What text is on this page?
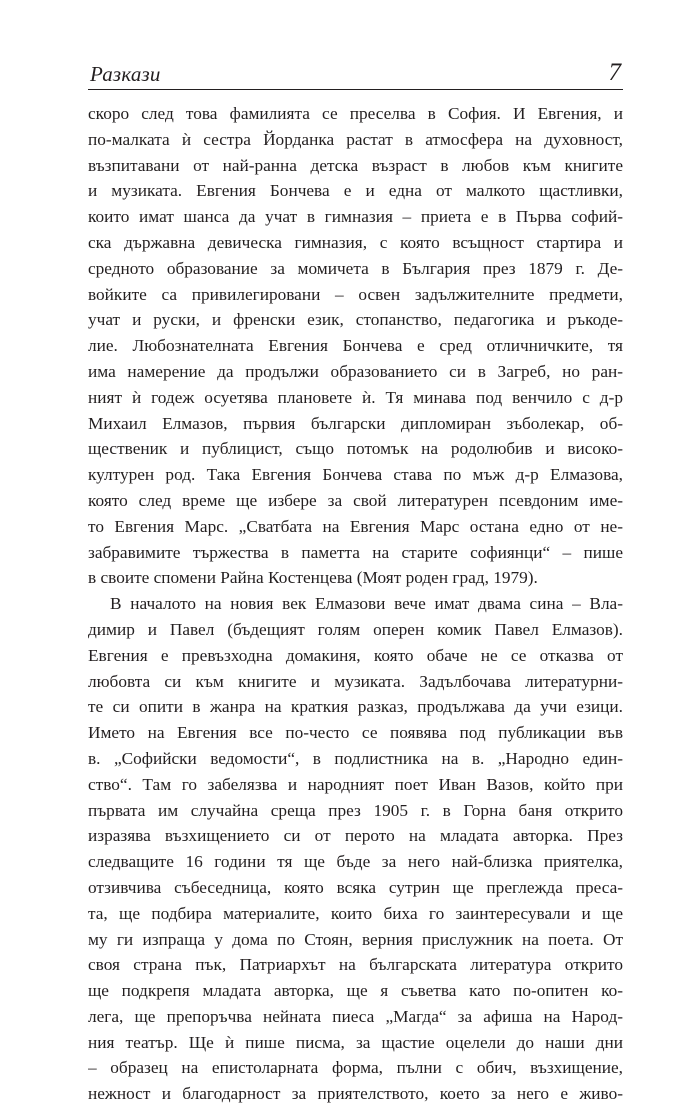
Разкази	7
скоро след това фамилията се преселва в София. И Евгения, и
по-малката ѝ сестра Йорданка растат в атмосфера на духовност,
възпитавани от най-ранна детска възраст в любов към книгите
и музиката. Евгения Бончева е и една от малкото щастливки,
които имат шанса да учат в гимназия – приета е в Първа софий-
ска държавна девическа гимназия, с която всъщност стартира и
средното образование за момичета в България през 1879 г. Де-
войките са привилегировани – освен задължителните предмети,
учат и руски, и френски език, стопанство, педагогика и ръкоде-
лие. Любознателната Евгения Бончева е сред отличничките, тя
има намерение да продължи образованието си в Загреб, но ран-
ният ѝ годеж осуетява плановете ѝ. Тя минава под венчило с д-р
Михаил Елмазов, първия български дипломиран зъболекар, об-
щественик и публицист, също потомък на родолюбив и високо-
културен род. Така Евгения Бончева става по мъж д-р Елмазова,
която след време ще избере за свой литературен псевдоним име-
то Евгения Марс. „Сватбата на Евгения Марс остана едно от не-
забравимите тържества в паметта на старите софиянци“ – пише
в своите спомени Райна Костенцева (Моят роден град, 1979).
В началото на новия век Елмазови вече имат двама сина – Вла-
димир и Павел (бъдещият голям оперен комик Павел Елмазов).
Евгения е превъзходна домакиня, която обаче не се отказва от
любовта си към книгите и музиката. Задълбочава литературни-
те си опити в жанра на краткия разказ, продължава да учи езици.
Името на Евгения все по-често се появява под публикации във
в. „Софийски ведомости“, в подлистника на в. „Народно един-
ство“. Там го забелязва и народният поет Иван Вазов, който при
първата им случайна среща през 1905 г. в Горна баня открито
изразява възхищението си от перото на младата авторка. През
следващите 16 години тя ще бъде за него най-близка приятелка,
отзивчива събеседница, която всяка сутрин ще преглежда преса-
та, ще подбира материалите, които биха го заинтересували и ще
му ги изпраща у дома по Стоян, верния прислужник на поета. От
своя страна пък, Патриархът на българската литература открито
ще подкрепя младата авторка, ще я съветва като по-опитен ко-
лега, ще препоръчва нейната пиеса „Магда“ за афиша на Народ-
ния театър. Ще ѝ пише писма, за щастие оцелели до наши дни
– образец на епистоларната форма, пълни с обич, възхищение,
нежност и благодарност за приятелството, което за него е живо-
